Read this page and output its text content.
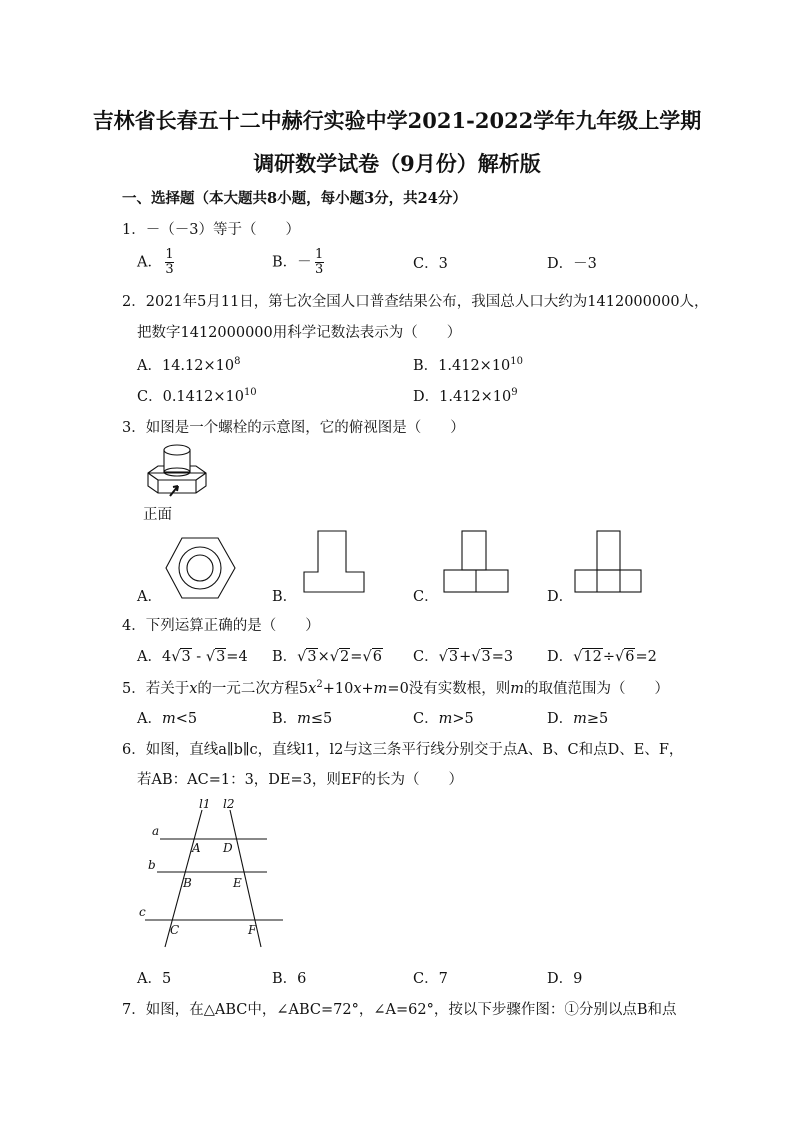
吉林省长春五十二中赫行实验中学2021-2022学年九年级上学期
调研数学试卷（9月份）解析版
一、选择题（本大题共8小题，每小题3分，共24分）
1．－（－3）等于（　　）
A． $\frac{1}{3}$	B．－ $\frac{1}{3}$	C．3	D．－3
2．2021年5月11日，第七次全国人口普查结果公布，我国总人口大约为1412000000人，
把数字1412000000用科学记数法表示为（　　）
A．$14.12\times 10^8$	B．$1.412\times 10^{10}$
C．$0.1412\times 10^{10}$	D．$1.412\times 10^9$
3．如图是一个螺栓的示意图，它的俯视图是（　　）
正面
A．	B．	C．	D．
4．下列运算正确的是（　　）
A．4√3 - √3=4 B．√3×√2=√6 C．√3+√3=3 D．√12÷√6=2
5．若关于x的一元二次方程$5x^2+10x+m=0$没有实数根，则m的取值范围为（　　）
A．m<5	B．m≤5	C．m>5	D．m≥5
6．如图，直线a∥b∥c，直线l1，l2与这三条平行线分别交于点A、B、C和点D、E、F，
若AB：AC=1：3，DE=3，则EF的长为（　　）
l1 l2
a
b
c
A D
B	E
C	F
A．5	B．6	C．7	D．9
7．如图，在△ABC中，∠ABC=72°，∠A=62°，按以下步骤作图：①分别以点B和点
